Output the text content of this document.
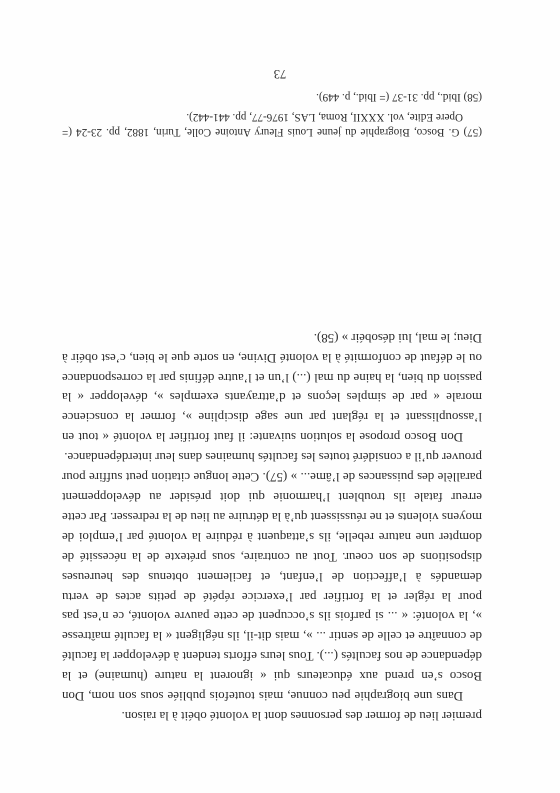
premier lieu de former des personnes dont la volonté obéit à la raison.

Dans une biographie peu connue, mais toutefois publiée sous son nom, Don Bosco s’en prend aux éducateurs qui « ignorent la nature (humaine) et la dépendance de nos facultés (...). Tous leurs efforts tendent à développer la faculté de connaître et celle de sentir ... », mais dit-il, ils négligent « la faculté maîtresse », la volonté: « ... si parfois ils s’occupent de cette pauvre volonté, ce n’est pas pour la régler et la fortifier par l’exercice répété de petits actes de vertu demandés à l’affection de l’enfant, et facilement obtenus des heureuses dispositions de son coeur. Tout au contraire, sous prétexte de la nécessité de dompter une nature rebelle, ils s’attaquent à réduire la volonté par l’emploi de moyens violents et ne réussissent qu’à la détruire au lieu de la redresser. Par cette erreur fatale ils troublent l’harmonie qui doit présider au développement parallèle des puissances de l’âme... » (57). Cette longue citation peut suffire pour prouver qu’il a considéré toutes les facultés humaines dans leur interdépendance.

Don Bosco propose la solution suivante: il faut fortifier la volonté « tout en l’assouplissant et la réglant par une sage discipline », former la conscience morale « par de simples leçons et d’attrayants exemples », développer « la passion du bien, la haine du mal (...) l’un et l’autre définis par la correspondance ou le défaut de conformité à la volonté Divine, en sorte que le bien, c’est obéir à Dieu; le mal, lui désobéir » (58).

(57) G. Bosco, Biographie du jeune Louis Fleury Antoine Colle, Turin, 1882, pp. 23-24 (= Opere Edite, vol. XXXII, Roma, LAS, 1976-77, pp. 441-442).

(58) Ibid., pp. 31-37 (= Ibid., p. 449).

73
